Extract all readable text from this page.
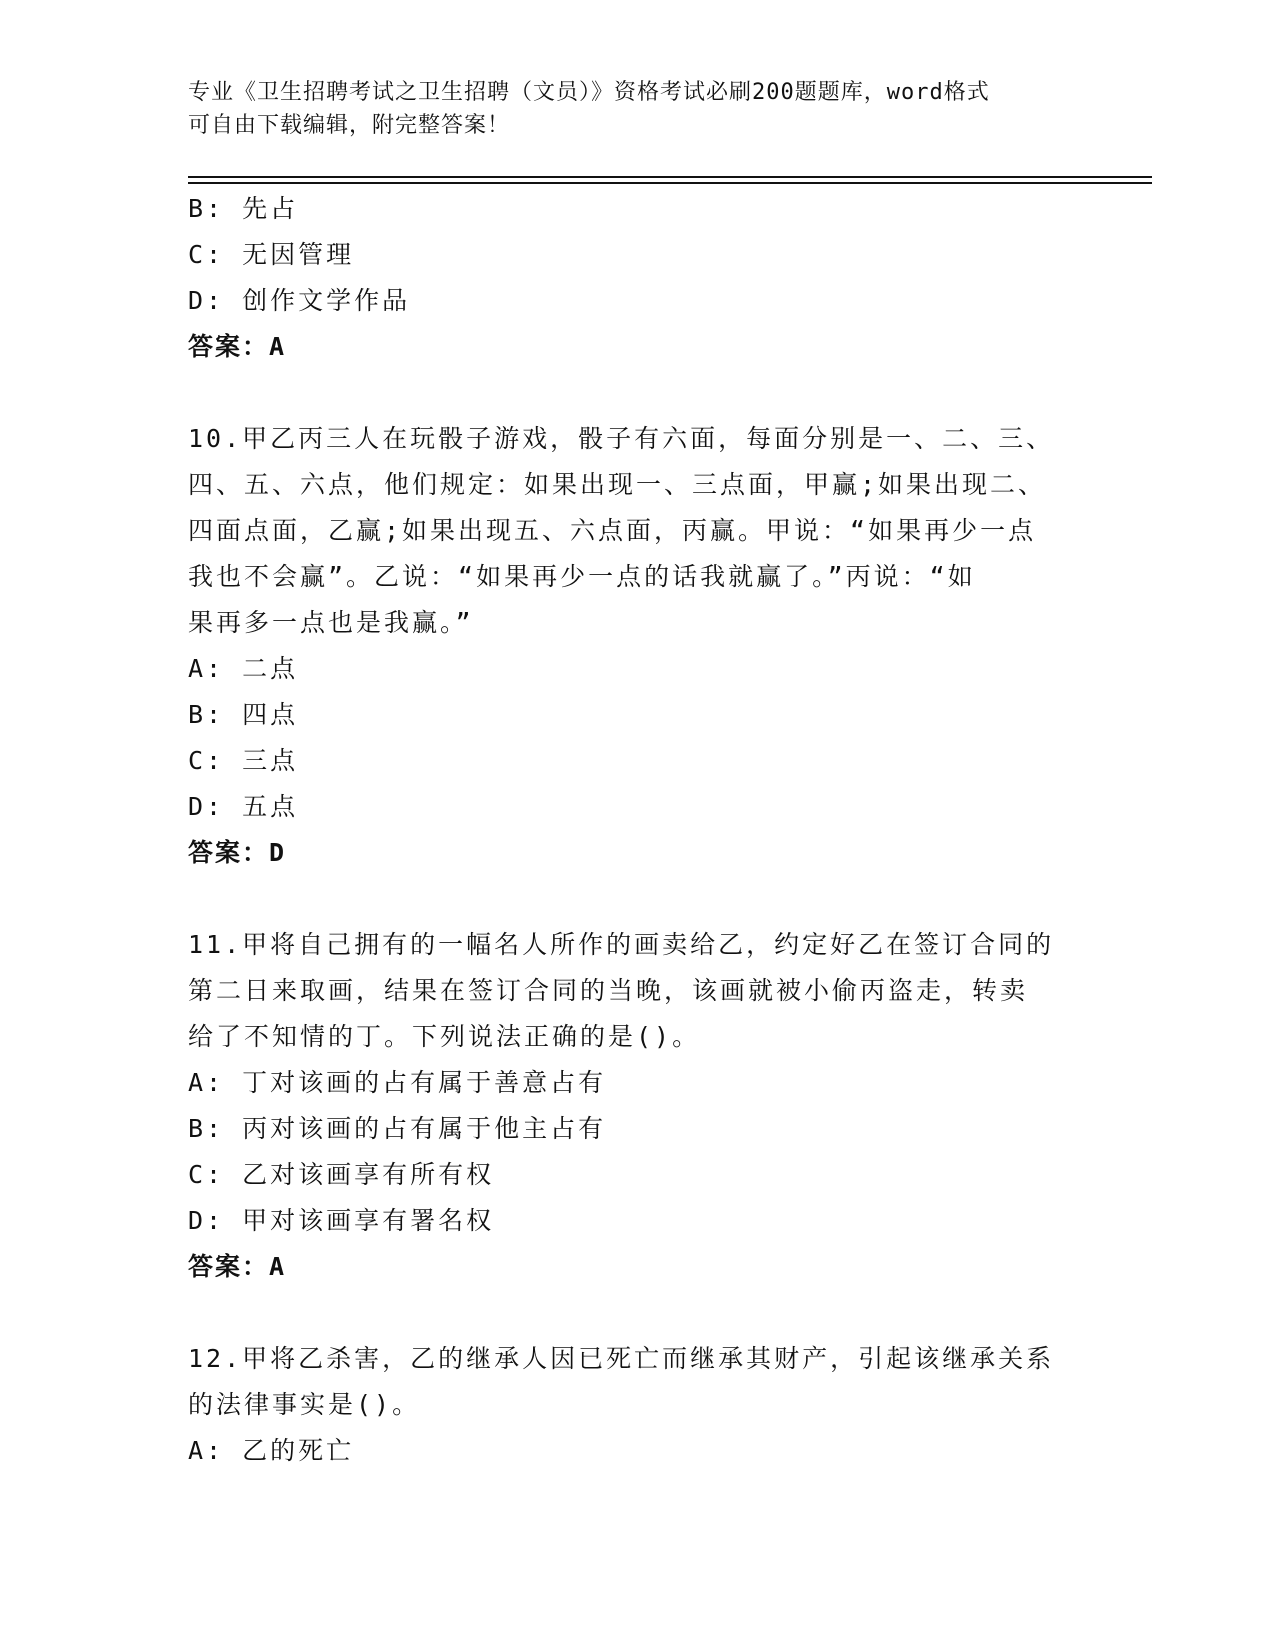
专业《卫生招聘考试之卫生招聘（文员）》资格考试必刷200题题库，word格式
可自由下载编辑，附完整答案！
B: 先占
C: 无因管理
D: 创作文学作品
答案：A
10.甲乙丙三人在玩骰子游戏，骰子有六面，每面分别是一、二、三、
四、五、六点，他们规定：如果出现一、三点面，甲赢;如果出现二、
四面点面，乙赢;如果出现五、六点面，丙赢。甲说：“如果再少一点
我也不会赢”。乙说：“如果再少一点的话我就赢了。”丙说：“如
果再多一点也是我赢。”
A: 二点
B: 四点
C: 三点
D: 五点
答案：D
11.甲将自己拥有的一幅名人所作的画卖给乙，约定好乙在签订合同的
第二日来取画，结果在签订合同的当晚，该画就被小偷丙盗走，转卖
给了不知情的丁。下列说法正确的是()。
A: 丁对该画的占有属于善意占有
B: 丙对该画的占有属于他主占有
C: 乙对该画享有所有权
D: 甲对该画享有署名权
答案：A
12.甲将乙杀害，乙的继承人因已死亡而继承其财产，引起该继承关系
的法律事实是()。
A: 乙的死亡
